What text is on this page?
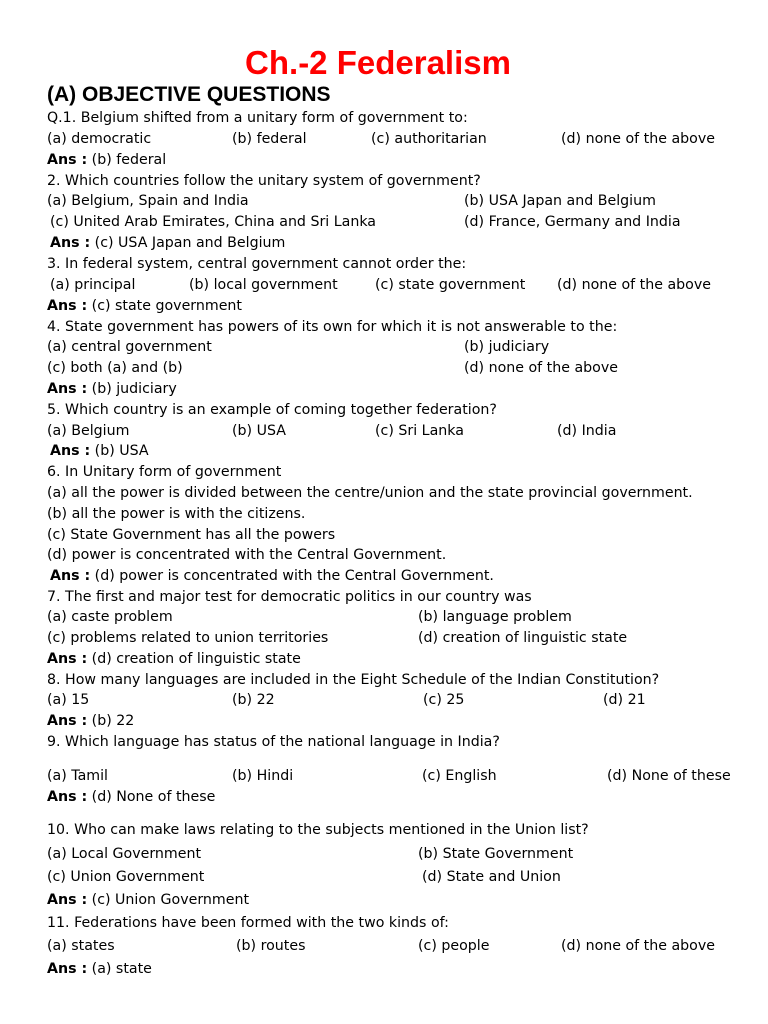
Ch.-2 Federalism
(A) OBJECTIVE QUESTIONS
Q.1. Belgium shifted from a unitary form of government to:
(a) democratic	(b) federal	(c) authoritarian	(d) none of the above
Ans : (b) federal
2. Which countries follow the unitary system of government?
(a) Belgium, Spain and India	(b) USA Japan and Belgium
(c) United Arab Emirates, China and Sri Lanka	(d) France, Germany and India
Ans : (c) USA Japan and Belgium
3. In federal system, central government cannot order the:
(a) principal	(b) local government	(c) state government (d) none of the above
Ans : (c) state government
4. State government has powers of its own for which it is not answerable to the:
(a) central government	(b) judiciary
(c) both (a) and (b)	(d) none of the above
Ans : (b) judiciary
5. Which country is an example of coming together federation?
(a) Belgium	(b) USA	(c) Sri Lanka	(d) India
Ans : (b) USA
6. In Unitary form of government
(a) all the power is divided between the centre/union and the state provincial government.
(b) all the power is with the citizens.
(c) State Government has all the powers
(d) power is concentrated with the Central Government.
Ans : (d) power is concentrated with the Central Government.
7. The first and major test for democratic politics in our country was
(a) caste problem	(b) language problem
(c) problems related to union territories	(d) creation of linguistic state
Ans : (d) creation of linguistic state
8. How many languages are included in the Eight Schedule of the Indian Constitution?
(a) 15	(b) 22	(c) 25	(d) 21
Ans : (b) 22
9. Which language has status of the national language in India?
(a) Tamil	(b) Hindi	(c) English	(d) None of these
Ans : (d) None of these
10. Who can make laws relating to the subjects mentioned in the Union list?
(a) Local Government	(b) State Government
(c) Union Government	(d) State and Union
Ans : (c) Union Government
11. Federations have been formed with the two kinds of:
(a) states	(b) routes	(c) people	(d) none of the above
Ans : (a) state
